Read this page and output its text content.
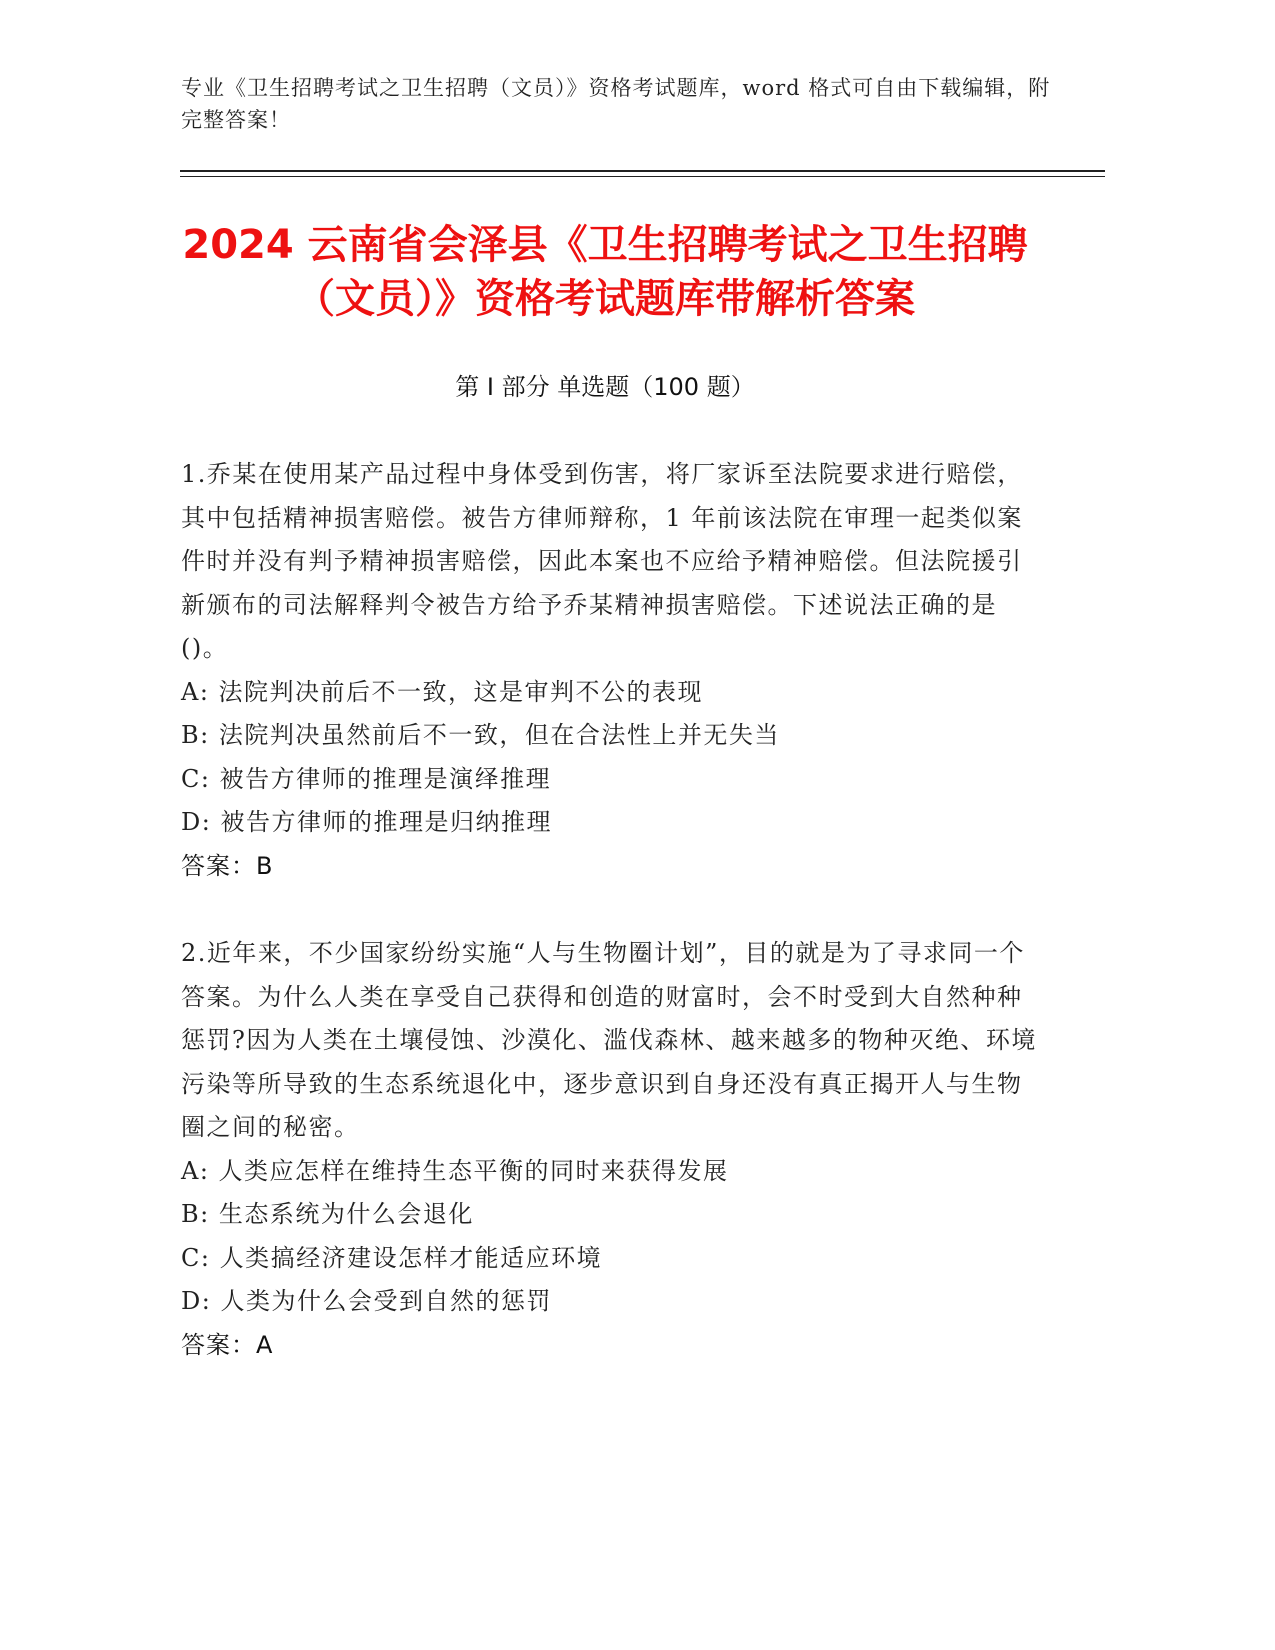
专业《卫生招聘考试之卫生招聘（文员）》资格考试题库，word 格式可自由下载编辑，附完整答案！
2024 云南省会泽县《卫生招聘考试之卫生招聘（文员）》资格考试题库带解析答案
第 I 部分 单选题（100 题）

1.乔某在使用某产品过程中身体受到伤害，将厂家诉至法院要求进行赔偿，其中包括精神损害赔偿。被告方律师辩称，1 年前该法院在审理一起类似案件时并没有判予精神损害赔偿，因此本案也不应给予精神赔偿。但法院援引新颁布的司法解释判令被告方给予乔某精神损害赔偿。下述说法正确的是()。

A: 法院判决前后不一致，这是审判不公的表现
B: 法院判决虽然前后不一致，但在合法性上并无失当
C: 被告方律师的推理是演绎推理
D: 被告方律师的推理是归纳推理
答案：B

2.近年来，不少国家纷纷实施“人与生物圈计划”，目的就是为了寻求同一个答案。为什么人类在享受自己获得和创造的财富时，会不时受到大自然种种惩罚?因为人类在土壤侵蚀、沙漠化、滥伐森林、越来越多的物种灭绝、环境污染等所导致的生态系统退化中，逐步意识到自身还没有真正揭开人与生物圈之间的秘密。

A: 人类应怎样在维持生态平衡的同时来获得发展
B: 生态系统为什么会退化
C: 人类搞经济建设怎样才能适应环境
D: 人类为什么会受到自然的惩罚
答案：A
